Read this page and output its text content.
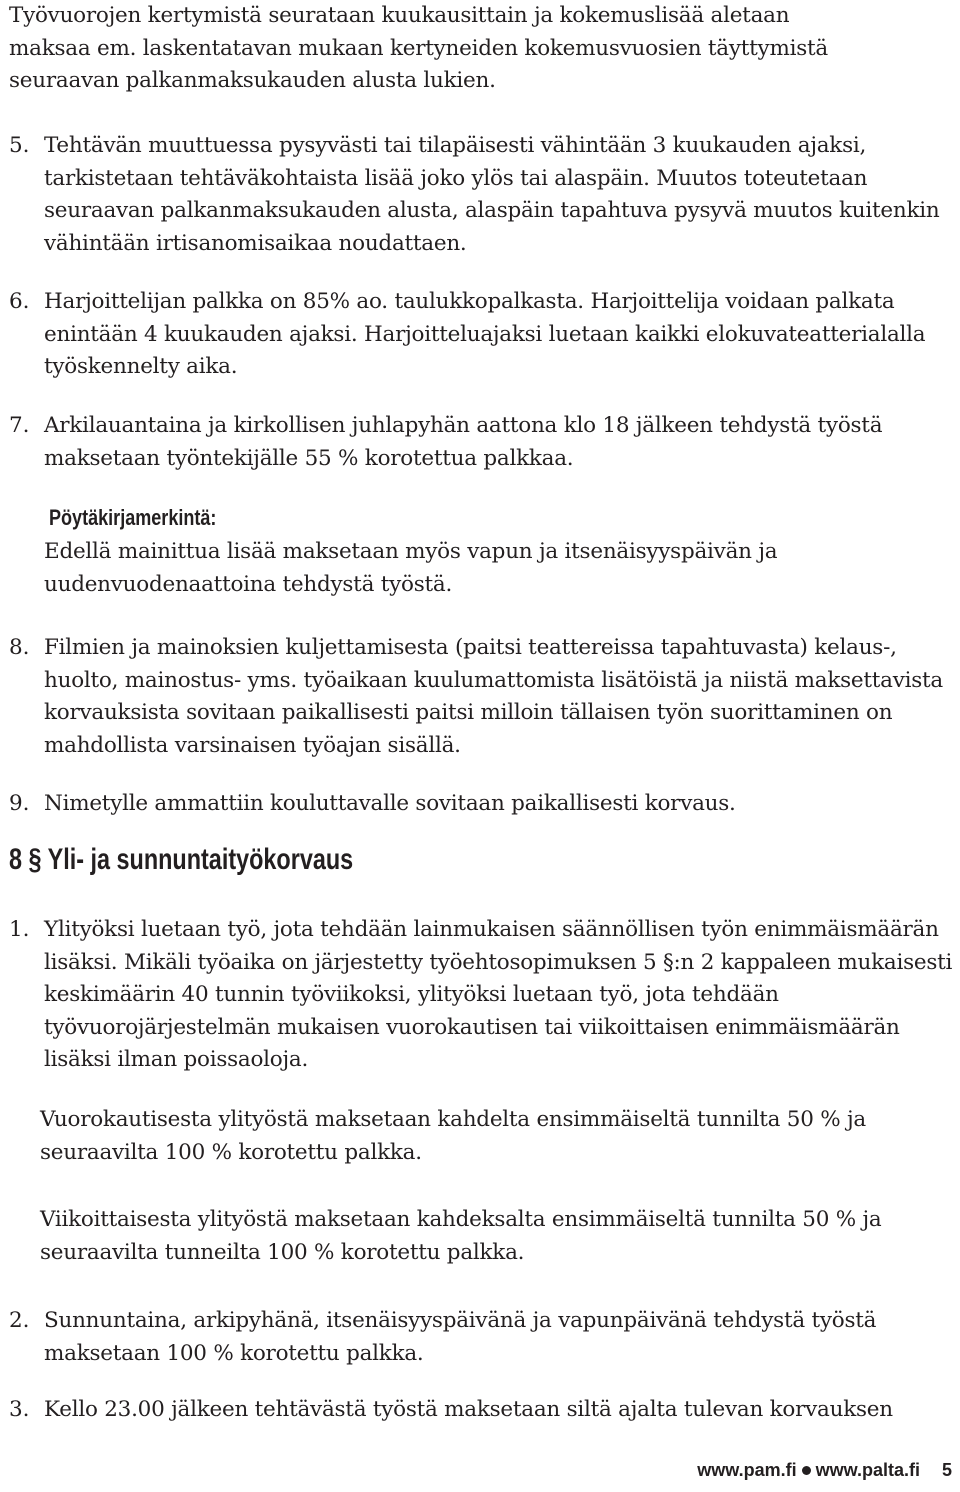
Työvuorojen kertymistä seurataan kuukausittain ja kokemuslisää aletaan
maksaa em. laskentatavan mukaan kertyneiden kokemusvuosien täyttymistä
seuraavan palkanmaksukauden alusta lukien.

5. Tehtävän muuttuessa pysyvästi tai tilapäisesti vähintään 3 kuukauden ajaksi, tarkistetaan tehtäväkohtaista lisää joko ylös tai alaspäin. Muutos toteutetaan seuraavan palkanmaksukauden alusta, alaspäin tapahtuva pysyvä muutos kuitenkin vähintään irtisanomisaikaa noudattaen.

6. Harjoittelijan palkka on 85% ao. taulukkopalkasta. Harjoittelija voidaan palkata enintään 4 kuukauden ajaksi. Harjoitteluajaksi luetaan kaikki elokuvateatterialalla työskennelty aika.

7. Arkilauantaina ja kirkollisen juhlapyhän aattona klo 18 jälkeen tehdystä työstä maksetaan työntekijälle 55 % korotettua palkkaa.

Pöytäkirjamerkintä:

Edellä mainittua lisää maksetaan myös vapun ja itsenäisyyspäivän ja uudenvuodenaattoina tehdystä työstä.

8. Filmien ja mainoksien kuljettamisesta (paitsi teattereissa tapahtuvasta) kelaus-, huolto, mainostus- yms. työaikaan kuulumattomista lisätöistä ja niistä maksettavista korvauksista sovitaan paikallisesti paitsi milloin tällaisen työn suorittaminen on mahdollista varsinaisen työajan sisällä.

9. Nimetylle ammattiin kouluttavalle sovitaan paikallisesti korvaus.

8 § Yli- ja sunnuntaityökorvaus

1. Ylityöksi luetaan työ, jota tehdään lainmukaisen säännöllisen työn enimmäismäärän lisäksi. Mikäli työaika on järjestetty työehtosopimuksen 5 §:n 2 kappaleen mukaisesti keskimäärin 40 tunnin työviikoksi, ylityöksi luetaan työ, jota tehdään työvuorojärjestelmän mukaisen vuorokautisen tai viikoittaisen enimmäismäärän lisäksi ilman poissaoloja.

Vuorokautisesta ylityöstä maksetaan kahdelta ensimmäiseltä tunnilta 50 % ja seuraavilta 100 % korotettu palkka.

Viikoittaisesta ylityöstä maksetaan kahdeksalta ensimmäiseltä tunnilta 50 % ja seuraavilta tunneilta 100 % korotettu palkka.

2. Sunnuntaina, arkipyhänä, itsenäisyyspäivänä ja vapunpäivänä tehdystä työstä maksetaan 100 % korotettu palkka.

3. Kello 23.00 jälkeen tehtävästä työstä maksetaan siltä ajalta tulevan korvauksen

www.pam.fi www.palta.fi 5
